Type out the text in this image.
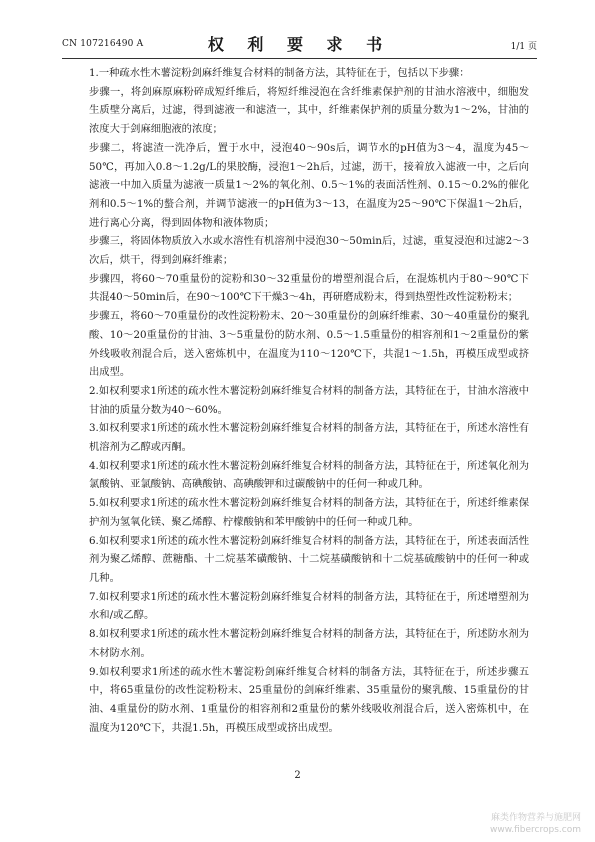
CN 107216490 A	权 利 要 求 书	1/1 页

1.一种疏水性木薯淀粉剑麻纤维复合材料的制备方法，其特征在于，包括以下步骤：

步骤一，将剑麻原麻粉碎成短纤维后，将短纤维浸泡在含纤维素保护剂的甘油水溶液中，细胞发生质壁分离后，过滤，得到滤液一和滤渣一，其中，纤维素保护剂的质量分数为1～2%，甘油的浓度大于剑麻细胞液的浓度；

步骤二，将滤渣一洗净后，置于水中，浸泡40～90s后，调节水的pH值为3～4，温度为45～50℃，再加入0.8～1.2g/L的果胶酶，浸泡1～2h后，过滤，沥干，接着放入滤液一中，之后向滤液一中加入质量为滤液一质量1～2%的氧化剂、0.5～1%的表面活性剂、0.15～0.2%的催化剂和0.5～1%的螯合剂，并调节滤液一的pH值为3～13，在温度为25～90℃下保温1～2h后，进行离心分离，得到固体物和液体物质；

步骤三，将固体物质放入水或水溶性有机溶剂中浸泡30～50min后，过滤，重复浸泡和过滤2～3次后，烘干，得到剑麻纤维素；

步骤四，将60～70重量份的淀粉和30～32重量份的增塑剂混合后，在混炼机内于80～90℃下共混40～50min后，在90～100℃下干燥3～4h，再研磨成粉末，得到热塑性改性淀粉粉末；

步骤五，将60～70重量份的改性淀粉粉末、20～30重量份的剑麻纤维素、30～40重量份的聚乳酸、10～20重量份的甘油、3～5重量份的防水剂、0.5～1.5重量份的相容剂和1～2重量份的紫外线吸收剂混合后，送入密炼机中，在温度为110～120℃下，共混1～1.5h，再模压成型或挤出成型。

2.如权利要求1所述的疏水性木薯淀粉剑麻纤维复合材料的制备方法，其特征在于，甘油水溶液中甘油的质量分数为40～60%。

3.如权利要求1所述的疏水性木薯淀粉剑麻纤维复合材料的制备方法，其特征在于，所述水溶性有机溶剂为乙醇或丙酮。

4.如权利要求1所述的疏水性木薯淀粉剑麻纤维复合材料的制备方法，其特征在于，所述氧化剂为氯酸钠、亚氯酸钠、高碘酸钠、高碘酸钾和过碳酸钠中的任何一种或几种。

5.如权利要求1所述的疏水性木薯淀粉剑麻纤维复合材料的制备方法，其特征在于，所述纤维素保护剂为氢氧化镁、聚乙烯醇、柠檬酸钠和苯甲酸钠中的任何一种或几种。

6.如权利要求1所述的疏水性木薯淀粉剑麻纤维复合材料的制备方法，其特征在于，所述表面活性剂为聚乙烯醇、蔗糖酯、十二烷基苯磺酸钠、十二烷基磺酸钠和十二烷基硫酸钠中的任何一种或几种。

7.如权利要求1所述的疏水性木薯淀粉剑麻纤维复合材料的制备方法，其特征在于，所述增塑剂为水和/或乙醇。

8.如权利要求1所述的疏水性木薯淀粉剑麻纤维复合材料的制备方法，其特征在于，所述防水剂为木材防水剂。

9.如权利要求1所述的疏水性木薯淀粉剑麻纤维复合材料的制备方法，其特征在于，所述步骤五中，将65重量份的改性淀粉粉末、25重量份的剑麻纤维素、35重量份的聚乳酸、15重量份的甘油、4重量份的防水剂、1重量份的相容剂和2重量份的紫外线吸收剂混合后，送入密炼机中，在温度为120℃下，共混1.5h，再模压成型或挤出成型。

2
麻类作物营养与施肥网
www.fibercrops.com
